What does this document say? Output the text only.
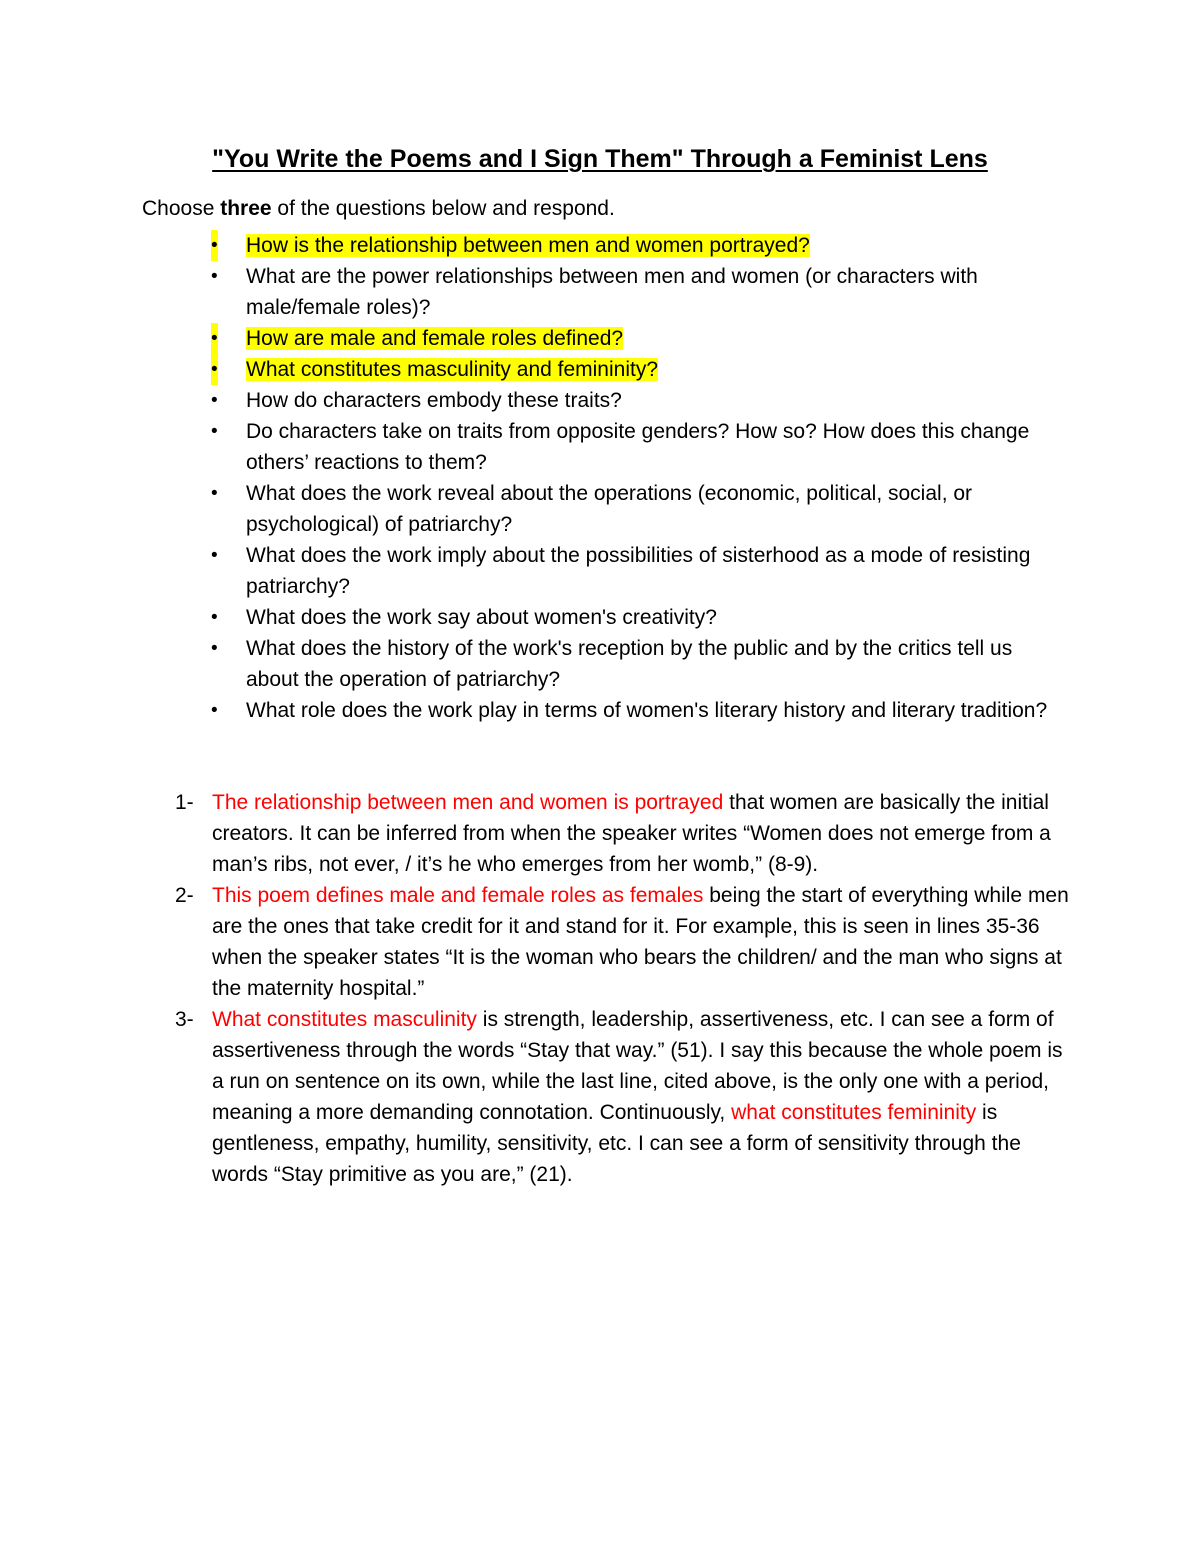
"You Write the Poems and I Sign Them" Through a Feminist Lens
Choose three of the questions below and respond.
• How is the relationship between men and women portrayed?
• What are the power relationships between men and women (or characters with male/female roles)?
• How are male and female roles defined?
• What constitutes masculinity and femininity?
• How do characters embody these traits?
• Do characters take on traits from opposite genders? How so? How does this change others’ reactions to them?
• What does the work reveal about the operations (economic, political, social, or psychological) of patriarchy?
• What does the work imply about the possibilities of sisterhood as a mode of resisting patriarchy?
• What does the work say about women's creativity?
• What does the history of the work's reception by the public and by the critics tell us about the operation of patriarchy?
• What role does the work play in terms of women's literary history and literary tradition?
1- The relationship between men and women is portrayed that women are basically the initial creators. It can be inferred from when the speaker writes “Women does not emerge from a man’s ribs, not ever, / it’s he who emerges from her womb,” (8-9).
2- This poem defines male and female roles as females being the start of everything while men are the ones that take credit for it and stand for it. For example, this is seen in lines 35-36 when the speaker states “It is the woman who bears the children/ and the man who signs at the maternity hospital.”
3- What constitutes masculinity is strength, leadership, assertiveness, etc. I can see a form of assertiveness through the words “Stay that way.” (51). I say this because the whole poem is a run on sentence on its own, while the last line, cited above, is the only one with a period, meaning a more demanding connotation. Continuously, what constitutes femininity is gentleness, empathy, humility, sensitivity, etc. I can see a form of sensitivity through the words “Stay primitive as you are,” (21).
